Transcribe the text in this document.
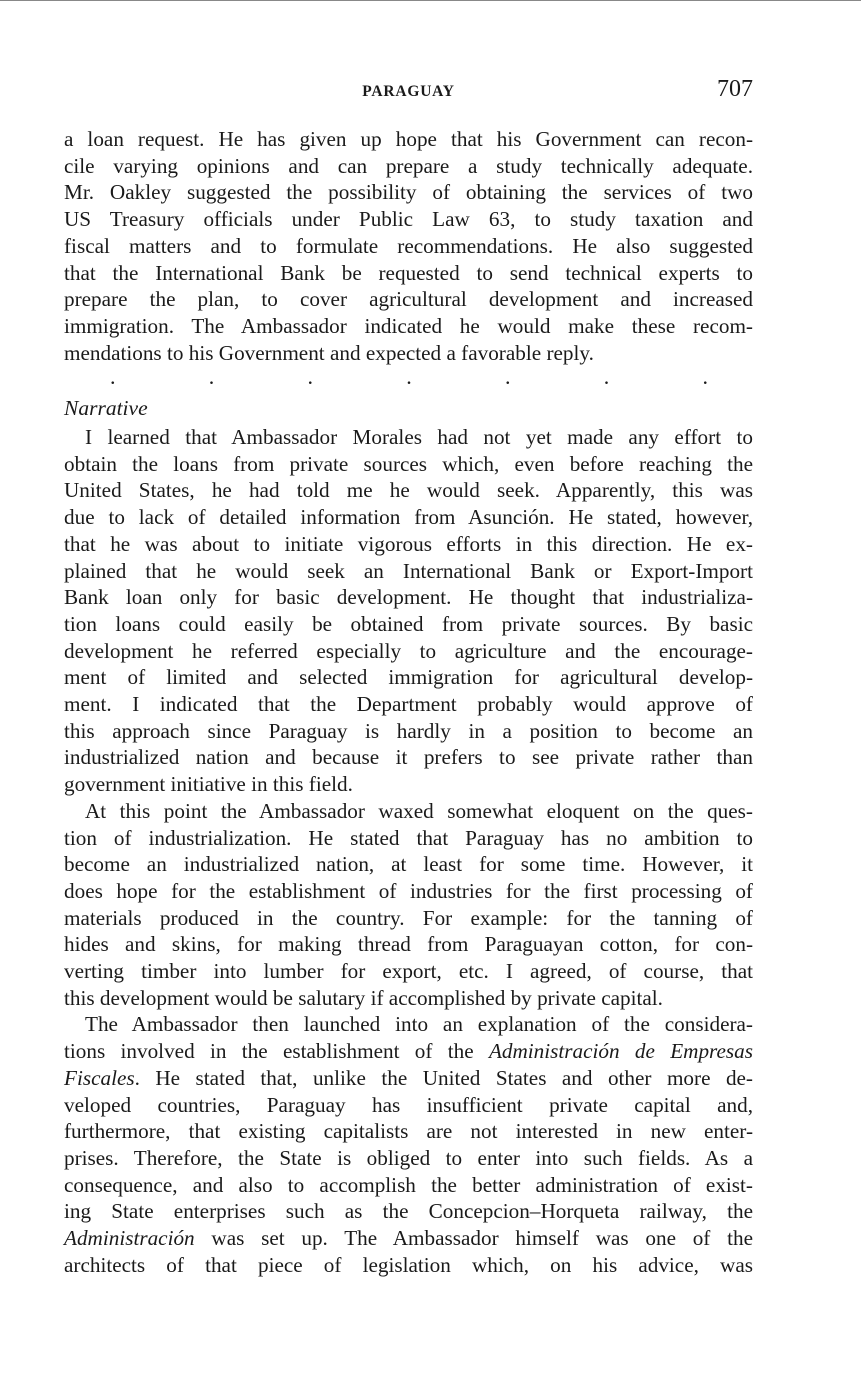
PARAGUAY	707

a loan request. He has given up hope that his Government can recon-
cile varying opinions and can prepare a study technically adequate.
Mr. Oakley suggested the possibility of obtaining the services of two
US Treasury officials under Public Law 63, to study taxation and
fiscal matters and to formulate recommendations. He also suggested
that the International Bank be requested to send technical experts to
prepare the plan, to cover agricultural development and increased
immigration. The Ambassador indicated he would make these recom-
mendations to his Government and expected a favorable reply.

.	.	.	.	.	.	.
Narrative

I learned that Ambassador Morales had not yet made any effort to
obtain the loans from private sources which, even before reaching the
United States, he had told me he would seek. Apparently, this was
due to lack of detailed information from Asunción. He stated, however,
that he was about to initiate vigorous efforts in this direction. He ex-
plained that he would seek an International Bank or Export-Import
Bank loan only for basic development. He thought that industrializa-
tion loans could easily be obtained from private sources. By basic
development he referred especially to agriculture and the encourage-
ment of limited and selected immigration for agricultural develop-
ment. I indicated that the Department probably would approve of
this approach since Paraguay is hardly in a position to become an
industrialized nation and because it prefers to see private rather than
government initiative in this field.

At this point the Ambassador waxed somewhat eloquent on the ques-
tion of industrialization. He stated that Paraguay has no ambition to
become an industrialized nation, at least for some time. However, it
does hope for the establishment of industries for the first processing of
materials produced in the country. For example: for the tanning of
hides and skins, for making thread from Paraguayan cotton, for con-
verting timber into lumber for export, etc. I agreed, of course, that
this development would be salutary if accomplished by private capital.

The Ambassador then launched into an explanation of the considera-
tions involved in the establishment of the Administración de Empresas
Fiscales. He stated that, unlike the United States and other more de-
veloped countries, Paraguay has insufficient private capital and,
furthermore, that existing capitalists are not interested in new enter-
prises. Therefore, the State is obliged to enter into such fields. As a
consequence, and also to accomplish the better administration of exist-
ing State enterprises such as the Concepcion–Horqueta railway, the
Administración was set up. The Ambassador himself was one of the
architects of that piece of legislation which, on his advice, was
